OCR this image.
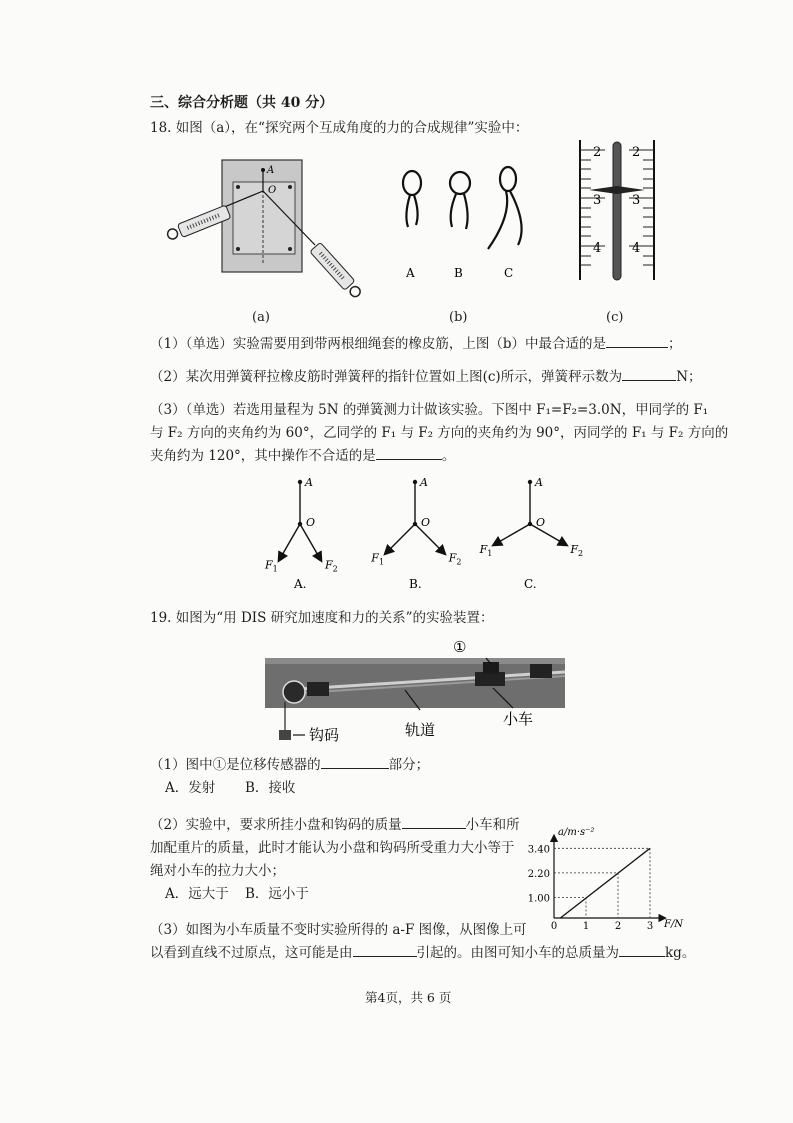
三、综合分析题（共 40 分）
18. 如图（a），在“探究两个互成角度的力的合成规律”实验中：
A
O
A	B	C
2
3
4
2
3
4
(a)	(b)	(c)
（1）（单选）实验需要用到带两根细绳套的橡皮筋，上图（b）中最合适的是	；
（2）某次用弹簧秤拉橡皮筋时弹簧秤的指针位置如上图(c)所示，弹簧秤示数为	N；
（3）（单选）若选用量程为 5N 的弹簧测力计做该实验。下图中 F₁=F₂=3.0N，甲同学的 F₁
与 F₂ 方向的夹角约为 60°，乙同学的 F₁ 与 F₂ 方向的夹角约为 90°，丙同学的 F₁ 与 F₂ 方向的
夹角约为 120°，其中操作不合适的是	。
A
O
$F_1$	$F_2$
A.
A
O
$F_1$	$F_2$
B.
A
O
$F_1$	$F_2$
C.
19. 如图为“用 DIS 研究加速度和力的关系”的实验装置：
①
钩码	轨道
小车
（1）图中①是位移传感器的	部分；
A．发射 B．接收
（2）实验中，要求所挂小盘和钩码的质量	小车和所
加配重片的质量，此时才能认为小盘和钩码所受重力大小等于
绳对小车的拉力大小；
A．远大于 B．远小于
（3）如图为小车质量不变时实验所得的 a-F 图像，从图像上可
以看到直线不过原点，这可能是由	引起的。由图可知小车的总质量为	kg。
1.00
2.20
3.40
0	1	2	3
a/m·s⁻²
F/N
第4页，共 6 页
